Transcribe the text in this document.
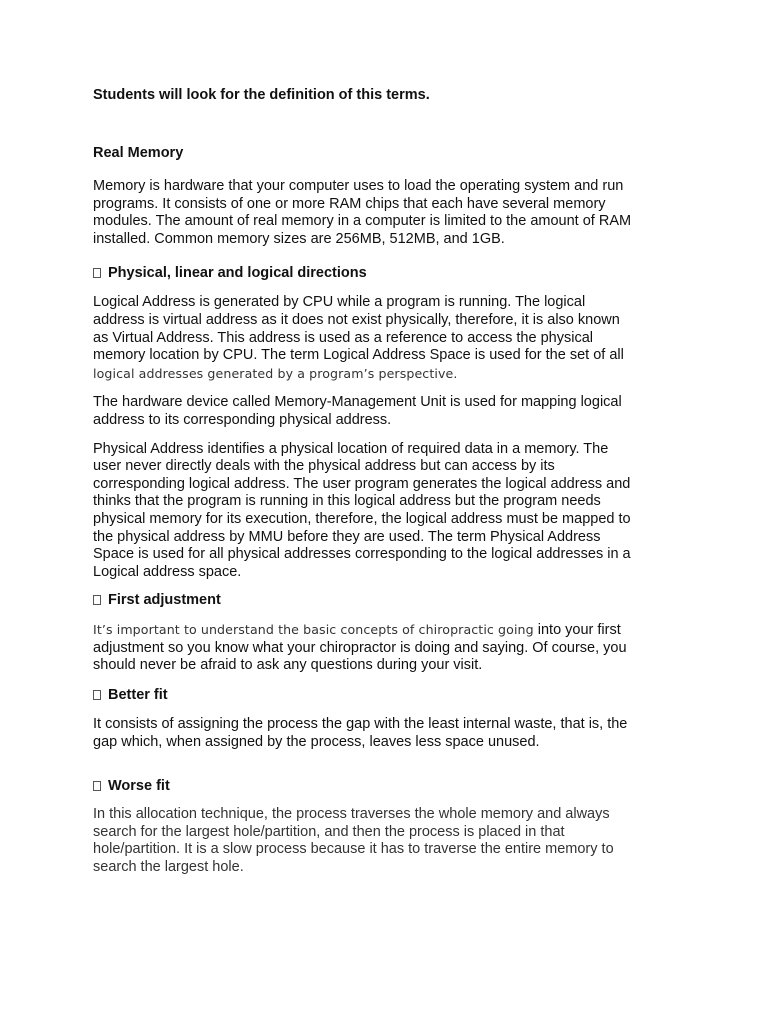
Students will look for the definition of this terms.

Real Memory

Memory is hardware that your computer uses to load the operating system and run
programs. It consists of one or more RAM chips that each have several memory
modules. The amount of real memory in a computer is limited to the amount of RAM
installed. Common memory sizes are 256MB, 512MB, and 1GB.
Physical, linear and logical directions
Logical Address is generated by CPU while a program is running. The logical
address is virtual address as it does not exist physically, therefore, it is also known
as Virtual Address. This address is used as a reference to access the physical
memory location by CPU. The term Logical Address Space is used for the set of all
logical addresses generated by a program’s perspective.
The hardware device called Memory-Management Unit is used for mapping logical
address to its corresponding physical address.
Physical Address identifies a physical location of required data in a memory. The
user never directly deals with the physical address but can access by its
corresponding logical address. The user program generates the logical address and
thinks that the program is running in this logical address but the program needs
physical memory for its execution, therefore, the logical address must be mapped to
the physical address by MMU before they are used. The term Physical Address
Space is used for all physical addresses corresponding to the logical addresses in a
Logical address space.
First adjustment
It’s important to understand the basic concepts of chiropractic going into your first
adjustment so you know what your chiropractor is doing and saying. Of course, you
should never be afraid to ask any questions during your visit.
Better fit
It consists of assigning the process the gap with the least internal waste, that is, the
gap which, when assigned by the process, leaves less space unused.
Worse fit
In this allocation technique, the process traverses the whole memory and always
search for the largest hole/partition, and then the process is placed in that
hole/partition. It is a slow process because it has to traverse the entire memory to
search the largest hole.
